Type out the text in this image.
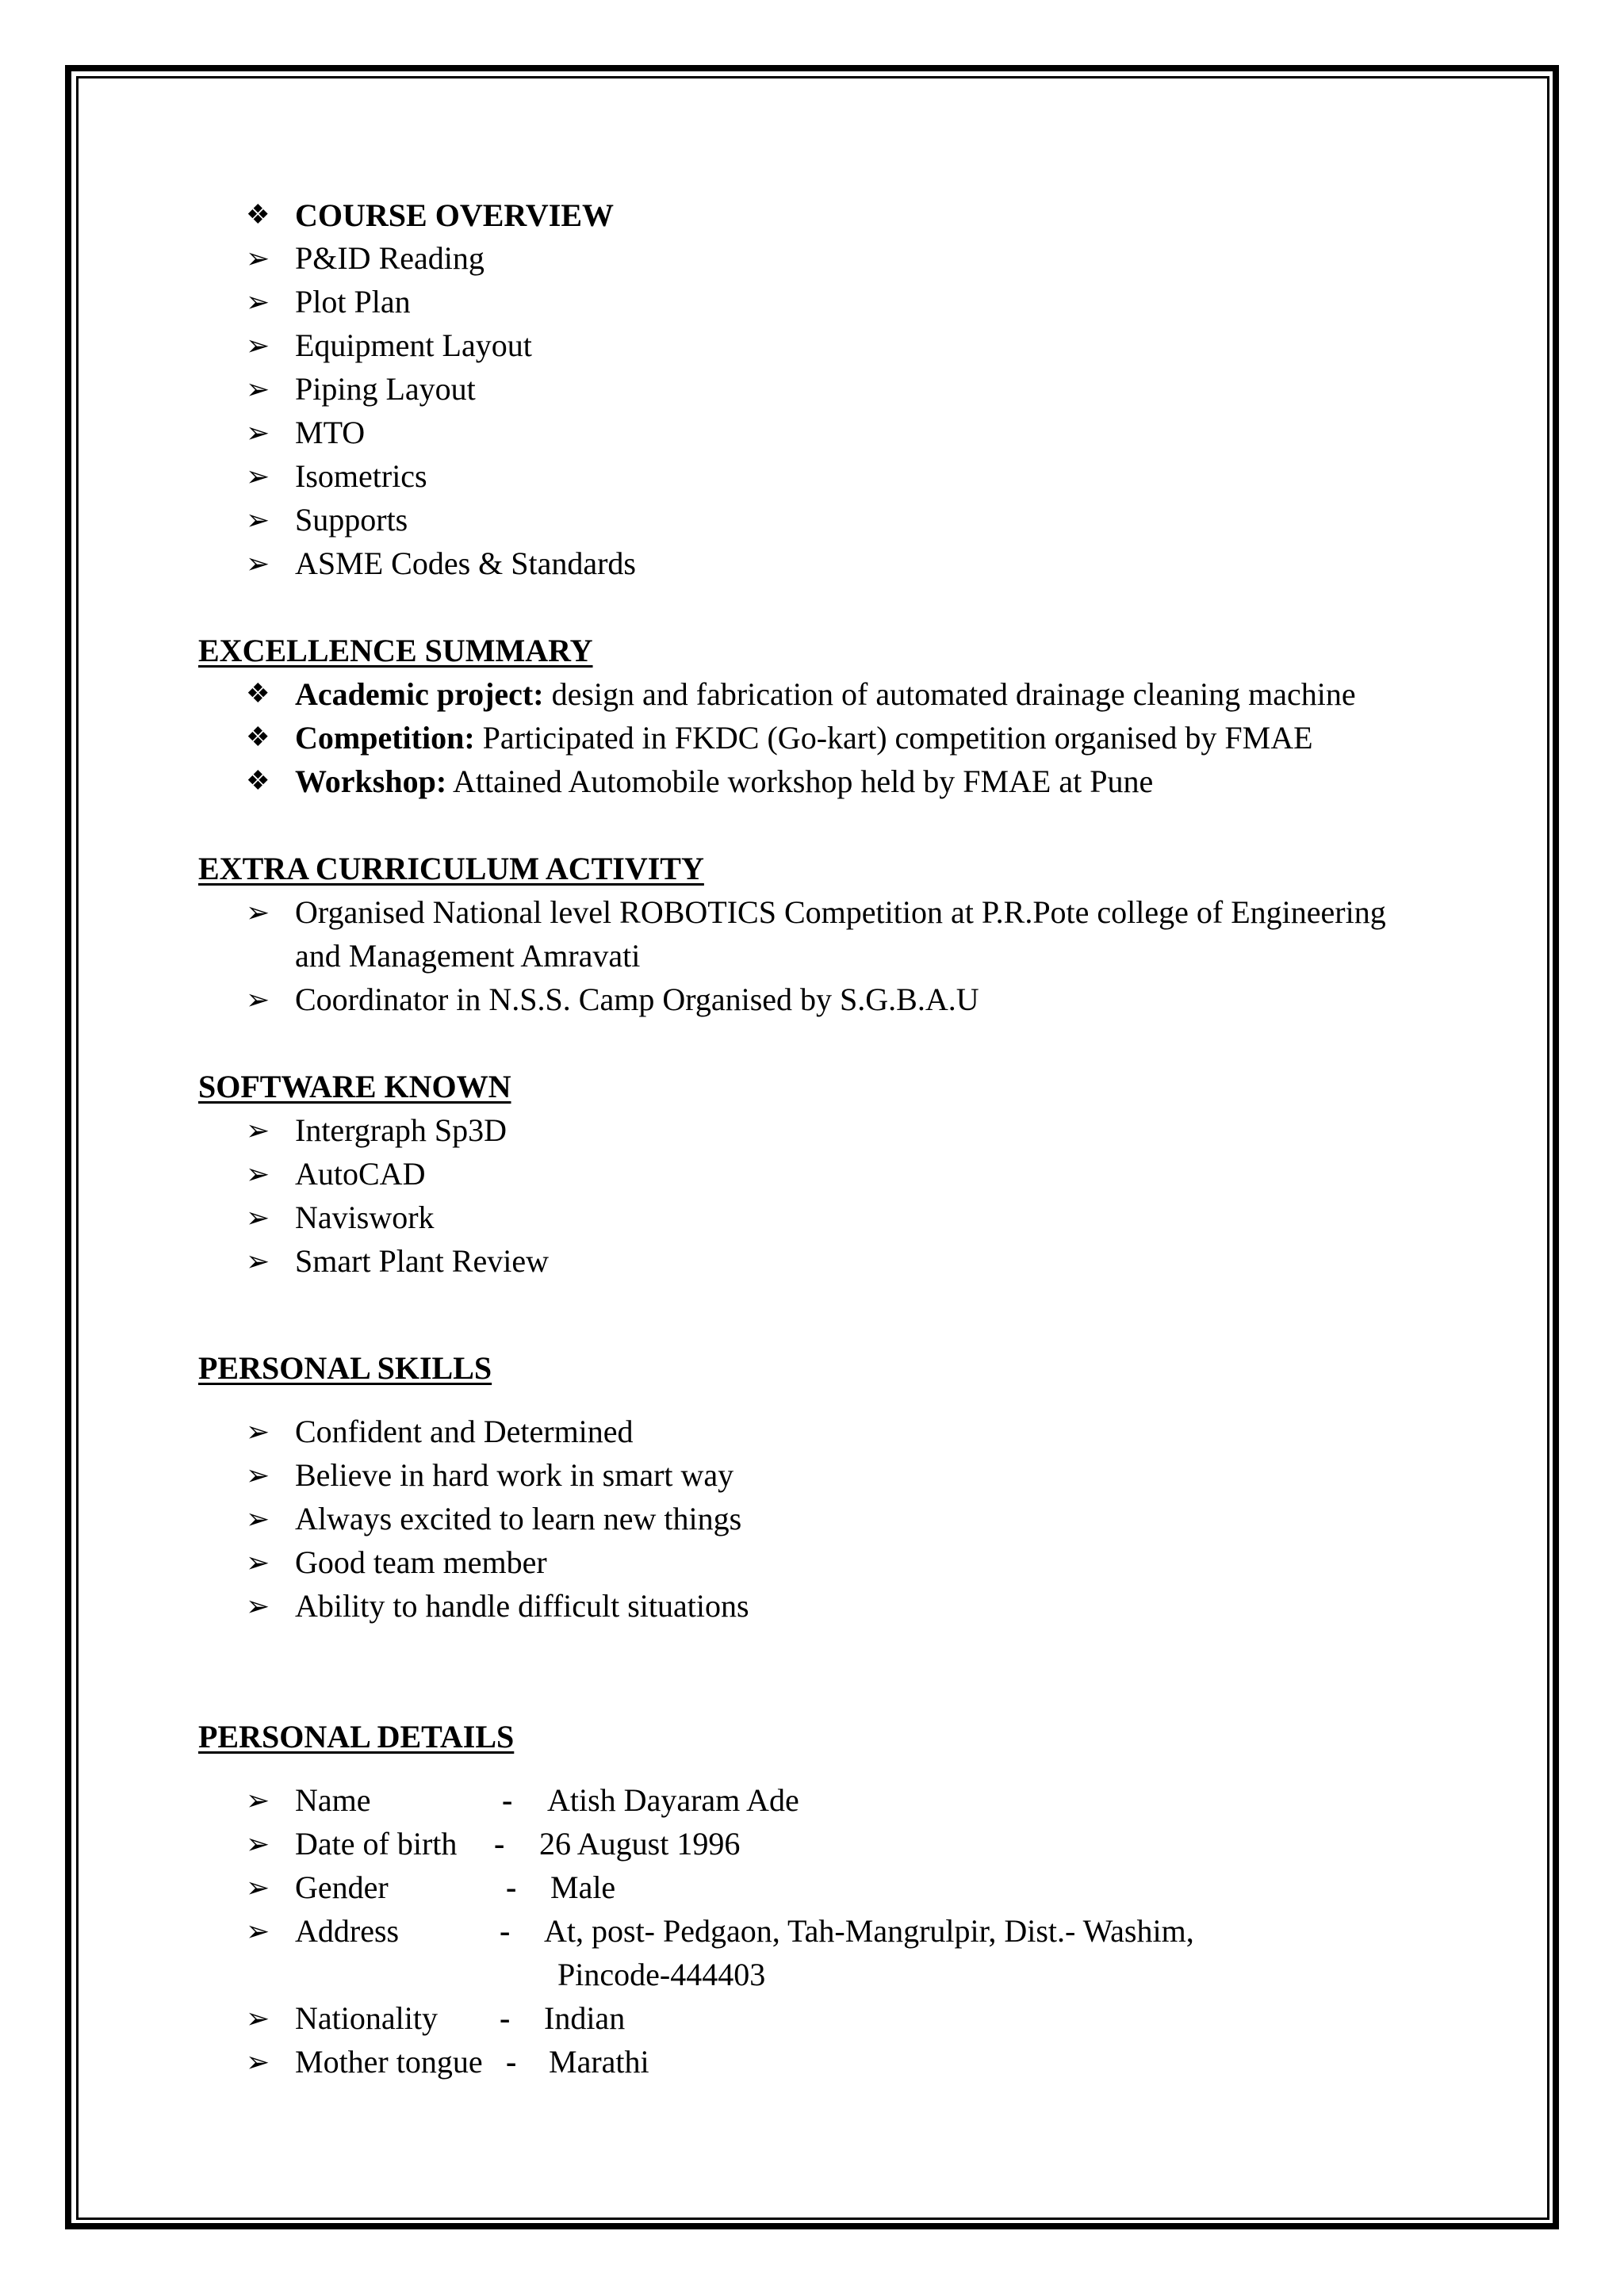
❖ COURSE OVERVIEW
➢ P&ID Reading
➢ Plot Plan
➢ Equipment Layout
➢ Piping Layout
➢ MTO
➢ Isometrics
➢ Supports
➢ ASME Codes & Standards
EXCELLENCE SUMMARY
❖ Academic project: design and fabrication of automated drainage cleaning machine
❖ Competition: Participated in FKDC (Go-kart) competition organised by FMAE
❖ Workshop: Attained Automobile workshop held by FMAE at Pune
EXTRA CURRICULUM ACTIVITY
➢ Organised National level ROBOTICS Competition at P.R.Pote college of Engineering
and Management Amravati
➢ Coordinator in N.S.S. Camp Organised by S.G.B.A.U
SOFTWARE KNOWN
➢ Intergraph Sp3D
➢ AutoCAD
➢ Naviswork
➢ Smart Plant Review
PERSONAL SKILLS
➢ Confident and Determined
➢ Believe in hard work in smart way
➢ Always excited to learn new things
➢ Good team member
➢ Ability to handle difficult situations
PERSONAL DETAILS
➢ Name	- Atish Dayaram Ade
➢ Date of birth - 26 August 1996
➢ Gender	- Male
➢ Address	- At, post- Pedgaon, Tah-Mangrulpir, Dist.- Washim,
Pincode-444403
➢ Nationality - Indian
➢ Mother tongue - Marathi
